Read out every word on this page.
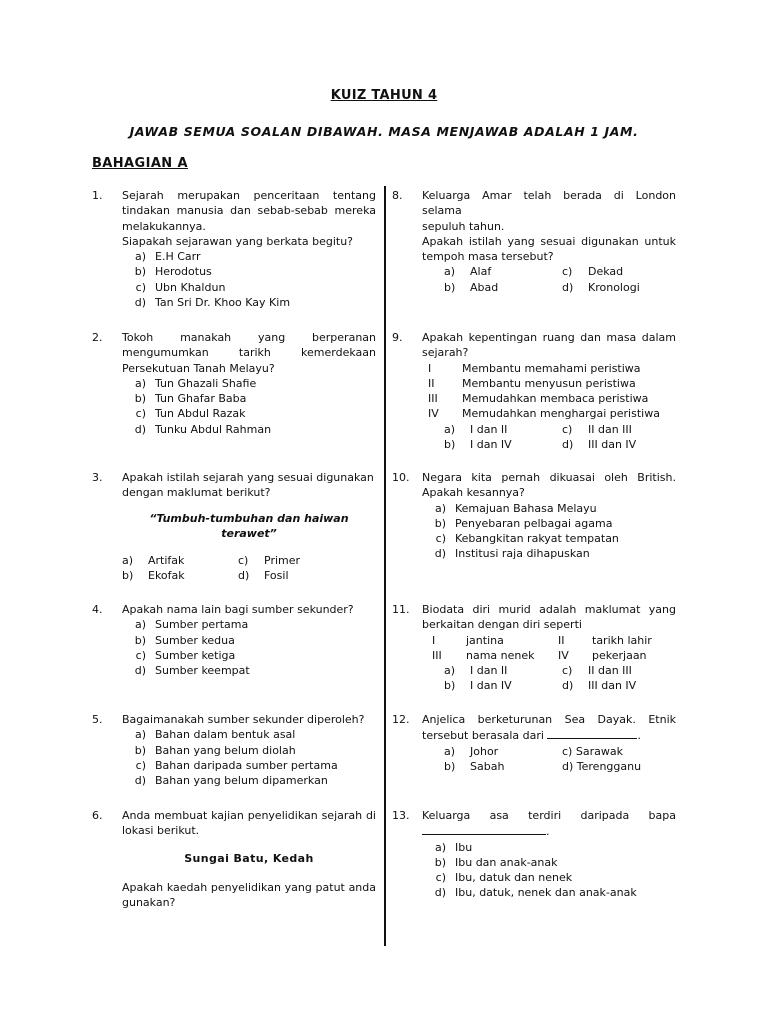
KUIZ TAHUN 4
JAWAB SEMUA SOALAN DIBAWAH. MASA MENJAWAB ADALAH 1 JAM.
BAHAGIAN A
1. Sejarah merupakan penceritaan tentang
tindakan manusia dan sebab-sebab mereka
melakukannya.
Siapakah sejarawan yang berkata begitu?
a) E.H Carr
b) Herodotus
c) Ubn Khaldun
d) Tan Sri Dr. Khoo Kay Kim
2. Tokoh manakah yang berperanan
mengumumkan tarikh kemerdekaan
Persekutuan Tanah Melayu?
a) Tun Ghazali Shafie
b) Tun Ghafar Baba
c) Tun Abdul Razak
d) Tunku Abdul Rahman
3. Apakah istilah sejarah yang sesuai digunakan
dengan maklumat berikut?
“Tumbuh-tumbuhan dan haiwan terawet”
a) Artifak	c) Primer
b) Ekofak	d) Fosil
4. Apakah nama lain bagi sumber sekunder?
a) Sumber pertama
b) Sumber kedua
c) Sumber ketiga
d) Sumber keempat
5. Bagaimanakah sumber sekunder diperoleh?
a) Bahan dalam bentuk asal
b) Bahan yang belum diolah
c) Bahan daripada sumber pertama
d) Bahan yang belum dipamerkan
6. Anda membuat kajian penyelidikan sejarah di
lokasi berikut.
Sungai Batu, Kedah
Apakah kaedah penyelidikan yang patut anda
gunakan?
8. Keluarga Amar telah berada di London selama
sepuluh tahun.
Apakah istilah yang sesuai digunakan untuk
tempoh masa tersebut?
a) Alaf	c) Dekad
b) Abad	d) Kronologi
9. Apakah kepentingan ruang dan masa dalam
sejarah?
I	Membantu memahami peristiwa
II	Membantu menyusun peristiwa
III Memudahkan membaca peristiwa
IV Memudahkan menghargai peristiwa
a) I dan II	c) II dan III
b) I dan IV	d) III dan IV
10. Negara kita pernah dikuasai oleh British.
Apakah kesannya?
a) Kemajuan Bahasa Melayu
b) Penyebaran pelbagai agama
c) Kebangkitan rakyat tempatan
d) Institusi raja dihapuskan
11. Biodata diri murid adalah maklumat yang
berkaitan dengan diri seperti
I	jantina	II	tarikh lahir
III nama nenek	IV pekerjaan
a) I dan II	c) II dan III
b) I dan IV	d) III dan IV
12. Anjelica berketurunan Sea Dayak. Etnik
tersebut berasala dari	.
a) Johor	c) Sarawak
b) Sabah	d) Terengganu
13. Keluarga asa terdiri daripada bapa
.
a) Ibu
b) Ibu dan anak-anak
c) Ibu, datuk dan nenek
d) Ibu, datuk, nenek dan anak-anak
